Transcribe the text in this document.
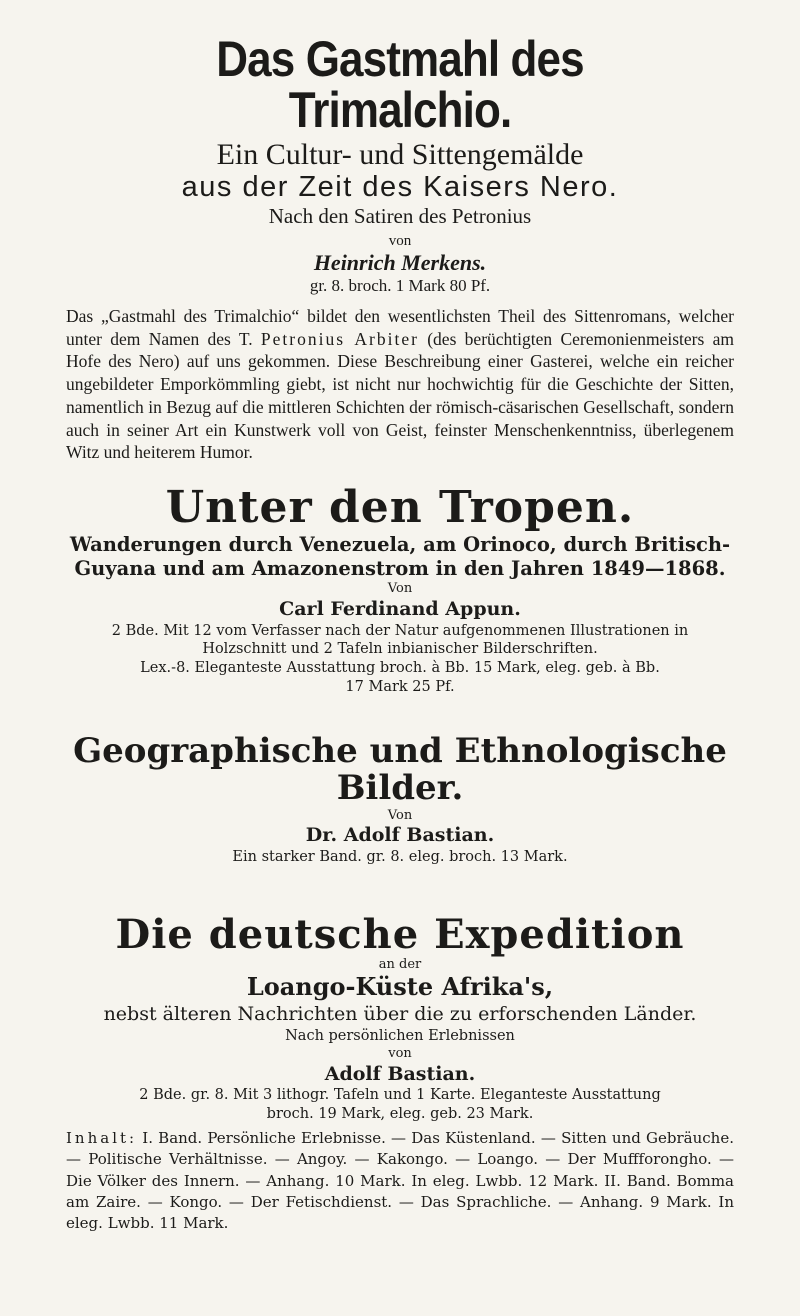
Das Gastmahl des Trimalchio.
Ein Cultur- und Sittengemälde
aus der Zeit des Kaisers Nero.
Nach den Satiren des Petronius
von
Heinrich Merkens.
gr. 8. broch. 1 Mark 80 Pf.
Das „Gastmahl des Trimalchio“ bildet den wesentlichsten Theil des Sittenromans, welcher unter dem Namen des T. Petronius Arbiter (des berüchtigten Ceremonienmeisters am Hofe des Nero) auf uns gekommen. Diese Beschreibung einer Gasterei, welche ein reicher ungebildeter Emporkömmling giebt, ist nicht nur hochwichtig für die Geschichte der Sitten, namentlich in Bezug auf die mittleren Schichten der römisch-cäsarischen Gesellschaft, sondern auch in seiner Art ein Kunstwerk voll von Geist, feinster Menschenkenntniss, überlegenem Witz und heiterem Humor.
Unter den Tropen.
Wanderungen durch Venezuela, am Orinoco, durch Britisch-
Guyana und am Amazonenstrom in den Jahren 1849—1868.
Von
Carl Ferdinand Appun.
2 Bde. Mit 12 vom Verfasser nach der Natur aufgenommenen Illustrationen in
Holzschnitt und 2 Tafeln inbianischer Bilderschriften.
Lex.-8. Eleganteste Ausstattung broch. à Bb. 15 Mark, eleg. geb. à Bb.
17 Mark 25 Pf.
Geographische und Ethnologische Bilder.
Von
Dr. Adolf Bastian.
Ein starker Band. gr. 8. eleg. broch. 13 Mark.
Die deutsche Expedition
an der
Loango-Küste Afrika's,
nebst älteren Nachrichten über die zu erforschenden Länder.
Nach persönlichen Erlebnissen
von
Adolf Bastian.
2 Bde. gr. 8. Mit 3 lithogr. Tafeln und 1 Karte. Eleganteste Ausstattung
broch. 19 Mark, eleg. geb. 23 Mark.
Inhalt: I. Band. Persönliche Erlebnisse. — Das Küstenland. — Sitten und Gebräuche. — Politische Verhältnisse. — Angoy. — Kakongo. — Loango. — Der Muffforongho. — Die Völker des Innern. — Anhang. 10 Mark. In eleg. Lwbb. 12 Mark. II. Band. Bomma am Zaire. — Kongo. — Der Fetischdienst. — Das Sprachliche. — Anhang. 9 Mark. In eleg. Lwbb. 11 Mark.
